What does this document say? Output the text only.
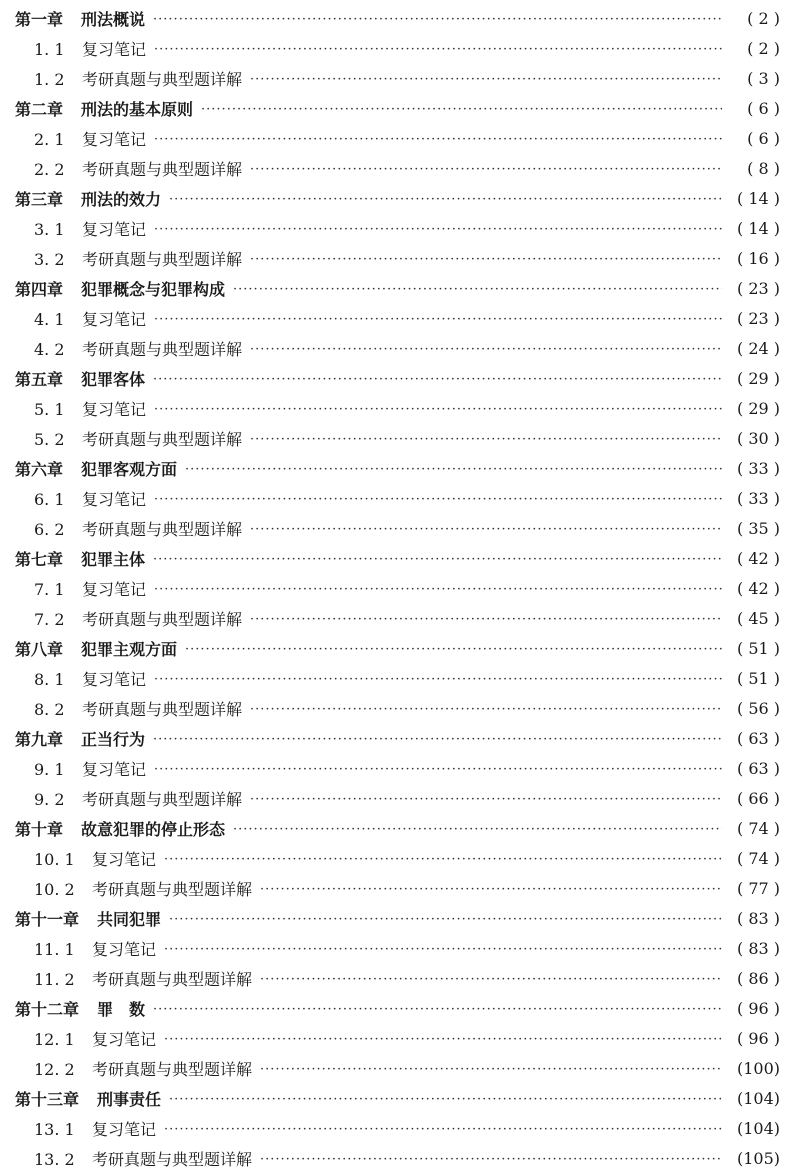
第一章 刑法概说 ·····	( 2 )
1. 1 复习笔记 ·····	( 2 )
1. 2 考研真题与典型题详解 ·····	( 3 )
第二章 刑法的基本原则 ·····	( 6 )
2. 1 复习笔记 ·····	( 6 )
2. 2 考研真题与典型题详解 ·····	( 8 )
第三章 刑法的效力 ·····	( 14 )
3. 1 复习笔记 ·····	( 14 )
3. 2 考研真题与典型题详解 ·····	( 16 )
第四章 犯罪概念与犯罪构成 ·····	( 23 )
4. 1 复习笔记 ·····	( 23 )
4. 2 考研真题与典型题详解 ·····	( 24 )
第五章 犯罪客体 ·····	( 29 )
5. 1 复习笔记 ·····	( 29 )
5. 2 考研真题与典型题详解 ·····	( 30 )
第六章 犯罪客观方面 ·····	( 33 )
6. 1 复习笔记 ·····	( 33 )
6. 2 考研真题与典型题详解 ·····	( 35 )
第七章 犯罪主体 ·····	( 42 )
7. 1 复习笔记 ·····	( 42 )
7. 2 考研真题与典型题详解 ·····	( 45 )
第八章 犯罪主观方面 ·····	( 51 )
8. 1 复习笔记 ·····	( 51 )
8. 2 考研真题与典型题详解 ·····	( 56 )
第九章 正当行为 ·····	( 63 )
9. 1 复习笔记 ·····	( 63 )
9. 2 考研真题与典型题详解 ·····	( 66 )
第十章 故意犯罪的停止形态 ·····	( 74 )
10. 1 复习笔记 ·····	( 74 )
10. 2 考研真题与典型题详解 ·····	( 77 )
第十一章 共同犯罪 ·····	( 83 )
11. 1 复习笔记 ·····	( 83 )
11. 2 考研真题与典型题详解 ·····	( 86 )
第十二章 罪　数 ·····	( 96 )
12. 1 复习笔记 ·····	( 96 )
12. 2 考研真题与典型题详解 ·····	(100)
第十三章 刑事责任 ·····	(104)
13. 1 复习笔记 ·····	(104)
13. 2 考研真题与典型题详解 ·····	(105)
